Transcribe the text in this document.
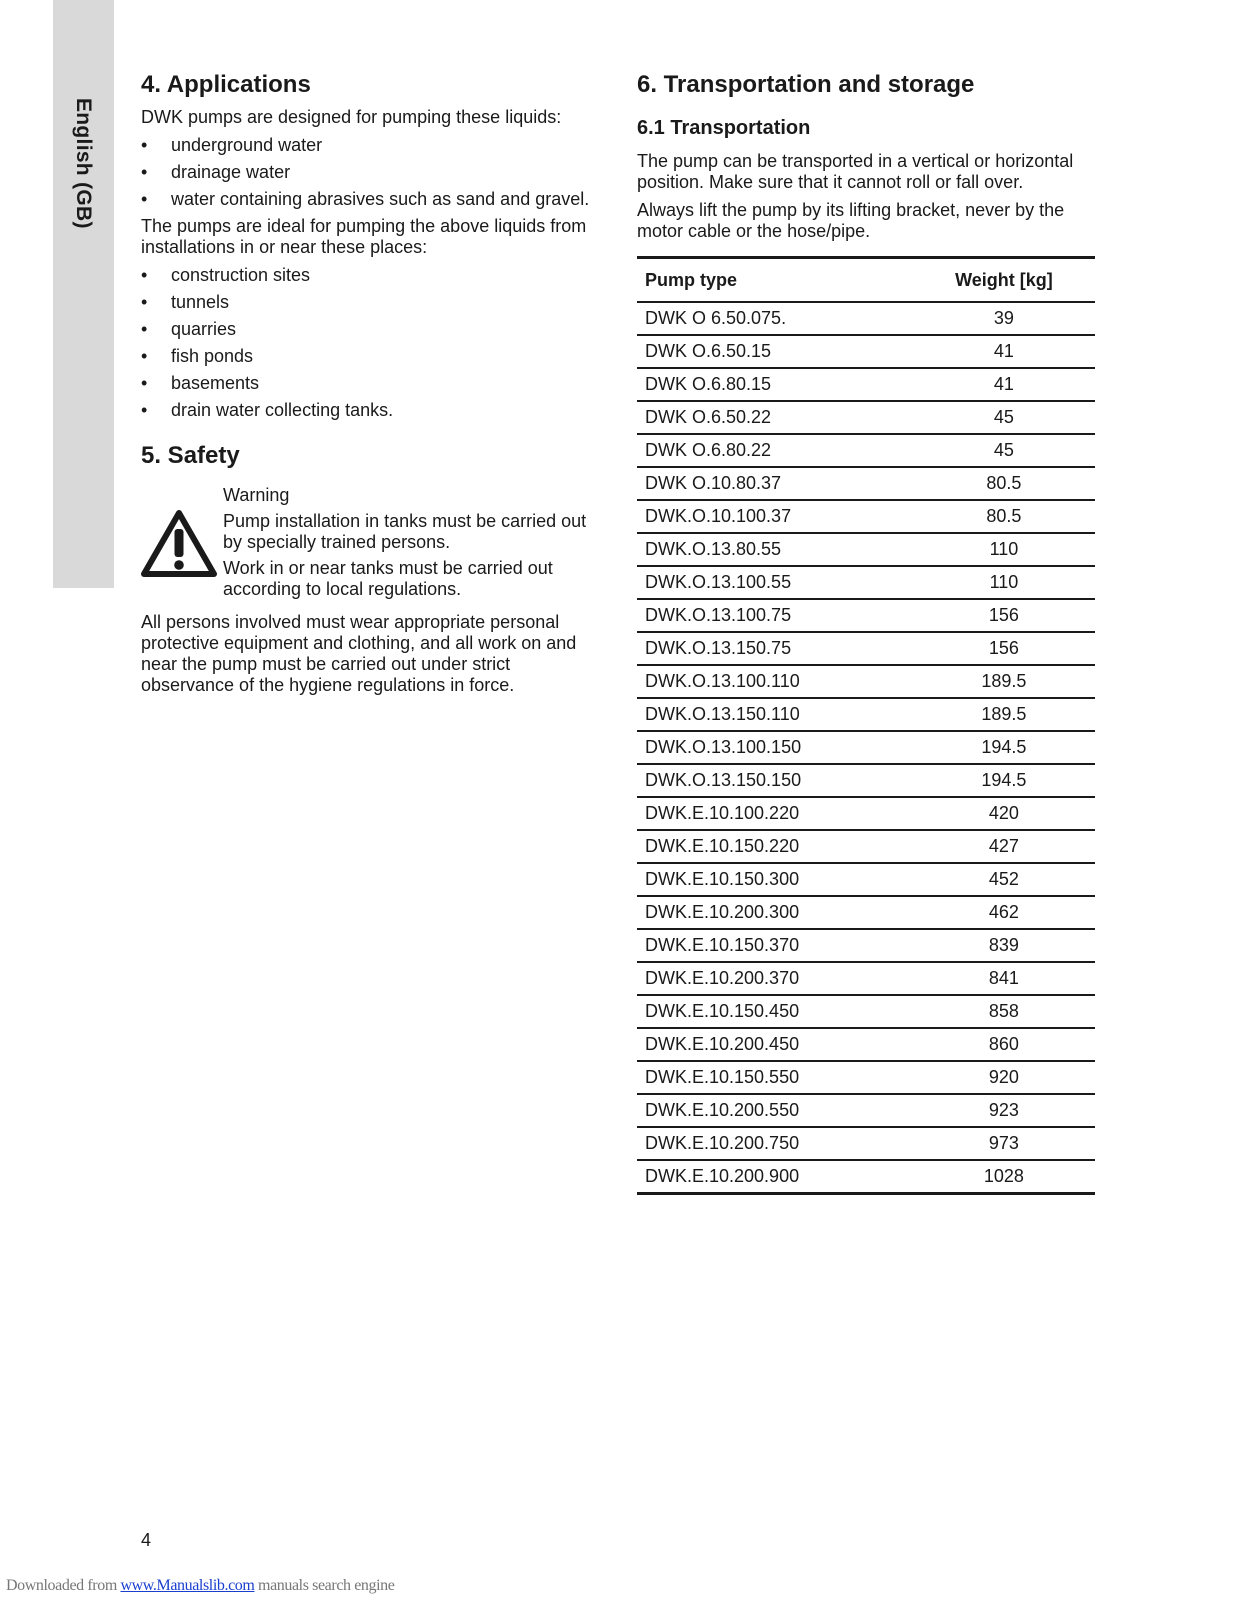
English (GB)
4. Applications

DWK pumps are designed for pumping these liquids:

• underground water
• drainage water
• water containing abrasives such as sand and gravel.

The pumps are ideal for pumping the above liquids from installations in or near these places:

• construction sites
• tunnels
• quarries
• fish ponds
• basements
• drain water collecting tanks.
5. Safety

Warning

Pump installation in tanks must be carried out by specially trained persons.

Work in or near tanks must be carried out according to local regulations.

All persons involved must wear appropriate personal protective equipment and clothing, and all work on and near the pump must be carried out under strict observance of the hygiene regulations in force.

6. Transportation and storage
6.1 Transportation

The pump can be transported in a vertical or horizontal position. Make sure that it cannot roll or fall over.

Always lift the pump by its lifting bracket, never by the motor cable or the hose/pipe.

Pump type	Weight [kg]
DWK O 6.50.075.	39
DWK O.6.50.15	41
DWK O.6.80.15	41
DWK O.6.50.22	45
DWK O.6.80.22	45
DWK O.10.80.37	80.5
DWK.O.10.100.37	80.5
DWK.O.13.80.55	110
DWK.O.13.100.55	110
DWK.O.13.100.75	156
DWK.O.13.150.75	156
DWK.O.13.100.110	189.5
DWK.O.13.150.110	189.5
DWK.O.13.100.150	194.5
DWK.O.13.150.150	194.5
DWK.E.10.100.220	420
DWK.E.10.150.220	427
DWK.E.10.150.300	452
DWK.E.10.200.300	462
DWK.E.10.150.370	839
DWK.E.10.200.370	841
DWK.E.10.150.450	858
DWK.E.10.200.450	860
DWK.E.10.150.550	920
DWK.E.10.200.550	923
DWK.E.10.200.750	973
DWK.E.10.200.900	1028
4
Downloaded from www.Manualslib.com manuals search engine
